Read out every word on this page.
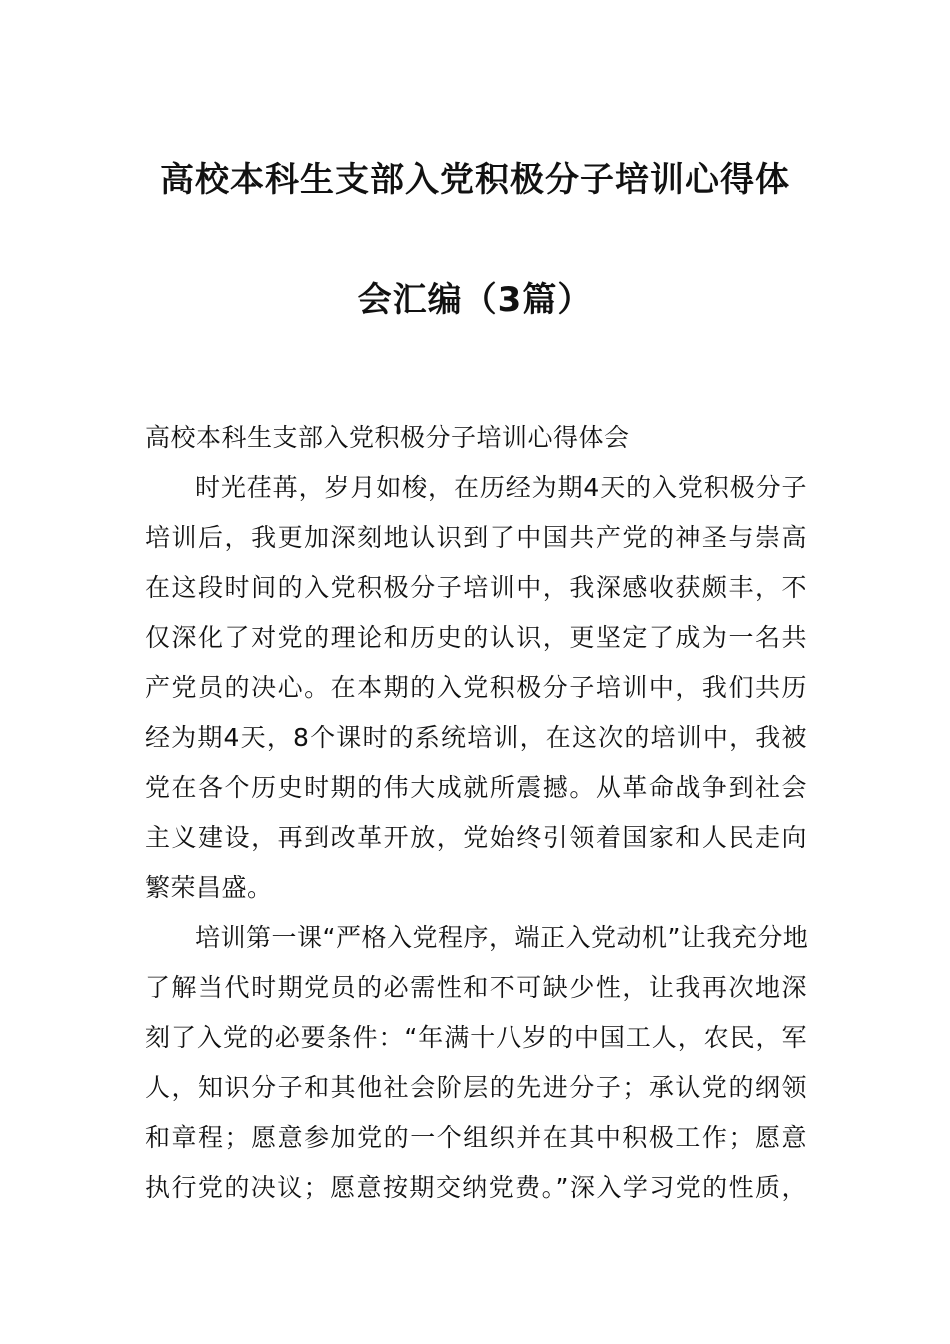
高校本科生支部入党积极分子培训心得体
会汇编（3篇）
高校本科生支部入党积极分子培训心得体会
时光荏苒，岁月如梭，在历经为期4天的入党积极分子
培训后，我更加深刻地认识到了中国共产党的神圣与崇高
在这段时间的入党积极分子培训中，我深感收获颇丰，不
仅深化了对党的理论和历史的认识，更坚定了成为一名共
产党员的决心。在本期的入党积极分子培训中，我们共历
经为期4天，8个课时的系统培训，在这次的培训中，我被
党在各个历史时期的伟大成就所震撼。从革命战争到社会
主义建设，再到改革开放，党始终引领着国家和人民走向
繁荣昌盛。
培训第一课“严格入党程序，端正入党动机”让我充分地
了解当代时期党员的必需性和不可缺少性，让我再次地深
刻了入党的必要条件：“年满十八岁的中国工人，农民，军
人，知识分子和其他社会阶层的先进分子；承认党的纲领
和章程；愿意参加党的一个组织并在其中积极工作；愿意
执行党的决议；愿意按期交纳党费。”深入学习党的性质，
